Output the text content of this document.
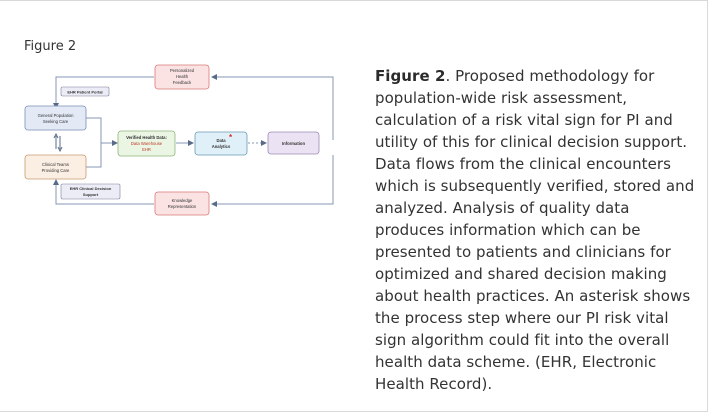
Figure 2
Personalized
Health
Feedback
EHR Patient Portal
General Population
Seeking Care
Clinical Teams
Providing Care
Verified Health Data:
Data Warehouse
EHR
Data
Analytics
*
Information
EHR Clinical Decision
Support
Knowledge
Representation
Figure 2. Proposed methodology for population-wide risk assessment, calculation of a risk vital sign for PI and utility of this for clinical decision support. Data flows from the clinical encounters which is subsequently verified, stored and analyzed. Analysis of quality data produces information which can be presented to patients and clinicians for optimized and shared decision making about health practices. An asterisk shows the process step where our PI risk vital sign algorithm could fit into the overall health data scheme. (EHR, Electronic Health Record).
